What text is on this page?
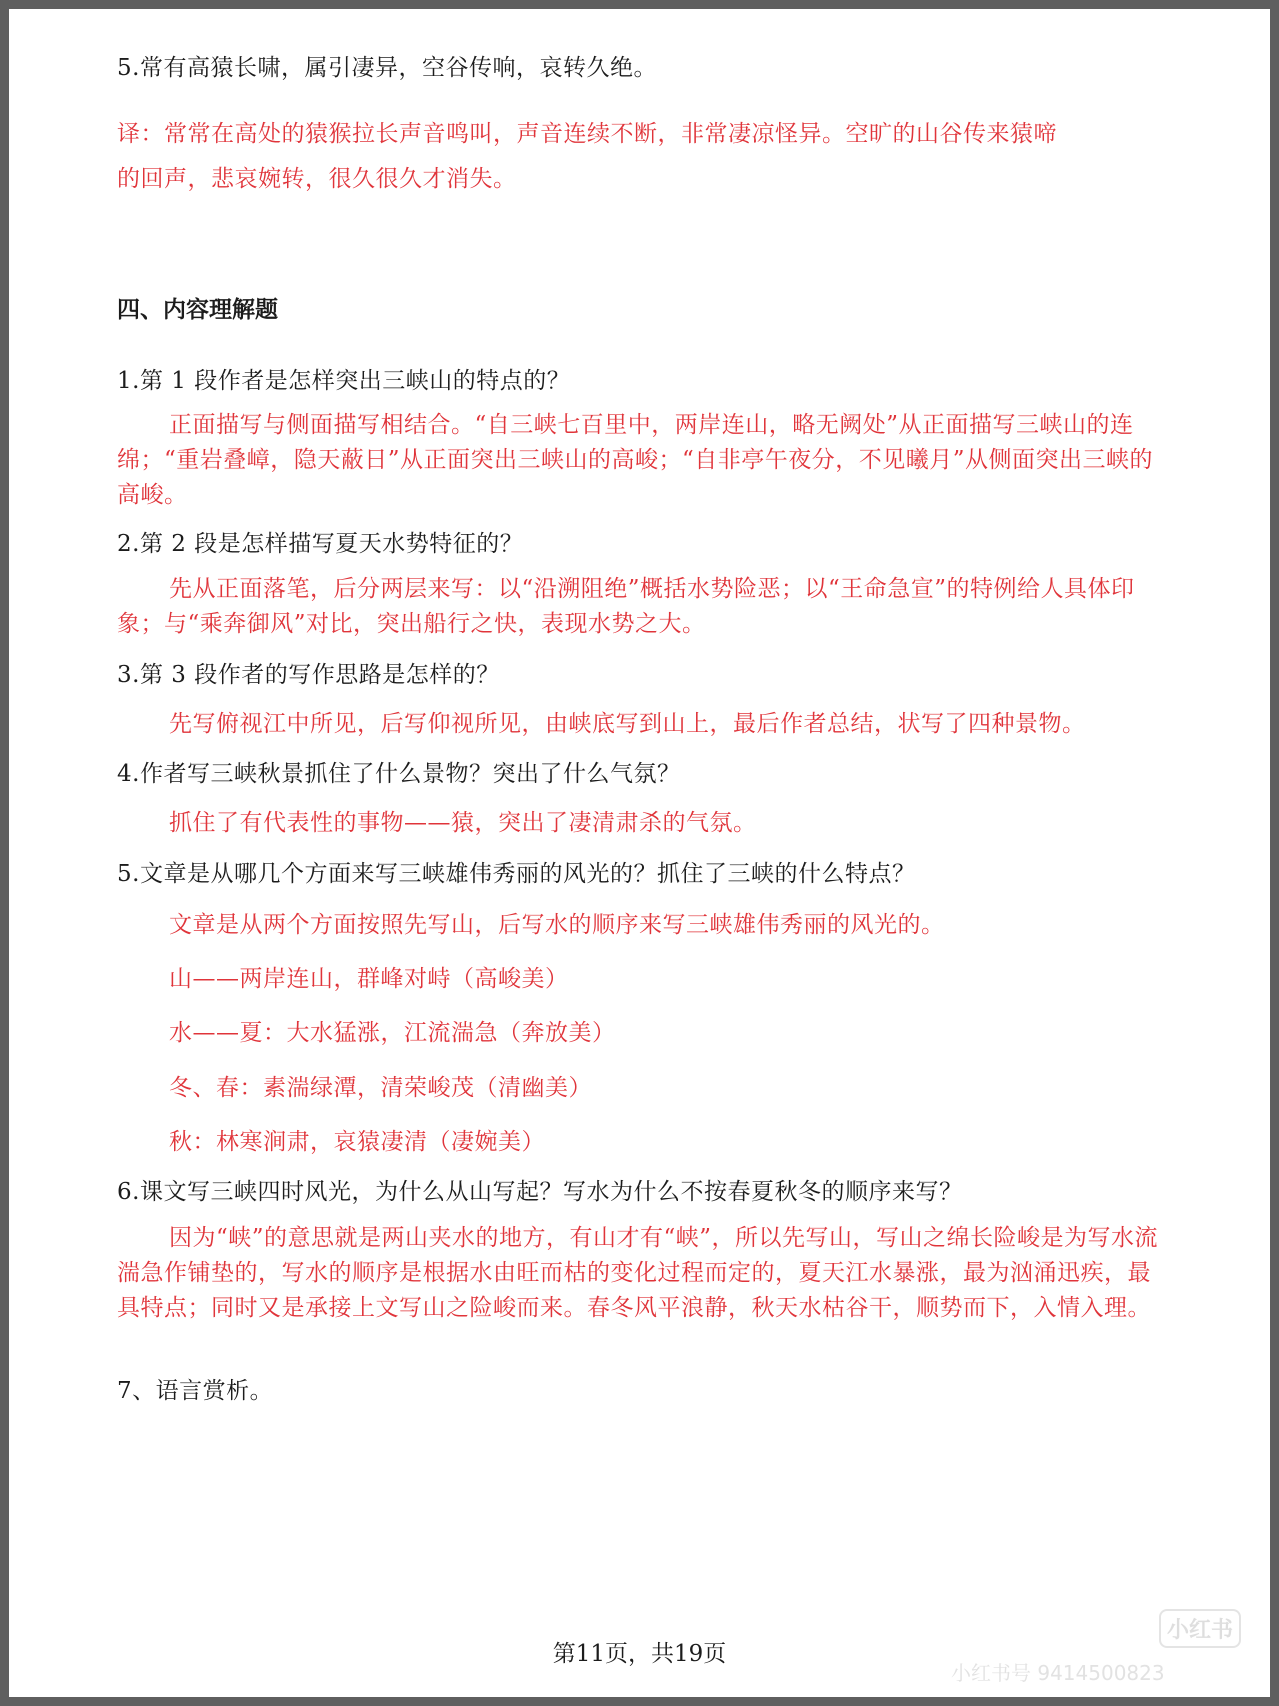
5.常有高猿长啸，属引凄异，空谷传响，哀转久绝。

译：常常在高处的猿猴拉长声音鸣叫，声音连续不断，非常凄凉怪异。空旷的山谷传来猿啼

的回声，悲哀婉转，很久很久才消失。

四、内容理解题

1.第 1 段作者是怎样突出三峡山的特点的？

正面描写与侧面描写相结合。“自三峡七百里中，两岸连山，略无阙处”从正面描写三峡山的连绵；“重岩叠嶂，隐天蔽日”从正面突出三峡山的高峻；“自非亭午夜分，不见曦月”从侧面突出三峡的高峻。

2.第 2 段是怎样描写夏天水势特征的？

先从正面落笔，后分两层来写：以“沿溯阻绝”概括水势险恶；以“王命急宣”的特例给人具体印象；与“乘奔御风”对比，突出船行之快，表现水势之大。

3.第 3 段作者的写作思路是怎样的？

先写俯视江中所见，后写仰视所见，由峡底写到山上，最后作者总结，状写了四种景物。

4.作者写三峡秋景抓住了什么景物？突出了什么气氛？

抓住了有代表性的事物——猿，突出了凄清肃杀的气氛。

5.文章是从哪几个方面来写三峡雄伟秀丽的风光的？抓住了三峡的什么特点？

文章是从两个方面按照先写山，后写水的顺序来写三峡雄伟秀丽的风光的。

山——两岸连山，群峰对峙（高峻美）

水——夏：大水猛涨，江流湍急（奔放美）

冬、春：素湍绿潭，清荣峻茂（清幽美）

秋：林寒涧肃，哀猿凄清（凄婉美）

6.课文写三峡四时风光，为什么从山写起？写水为什么不按春夏秋冬的顺序来写？

因为“峡”的意思就是两山夹水的地方，有山才有“峡”，所以先写山，写山之绵长险峻是为写水流湍急作铺垫的，写水的顺序是根据水由旺而枯的变化过程而定的，夏天江水暴涨，最为汹涌迅疾，最具特点；同时又是承接上文写山之险峻而来。春冬风平浪静，秋天水枯谷干，顺势而下，入情入理。

7、语言赏析。

第11页，共19页
小红书
小红书号 9414500823
